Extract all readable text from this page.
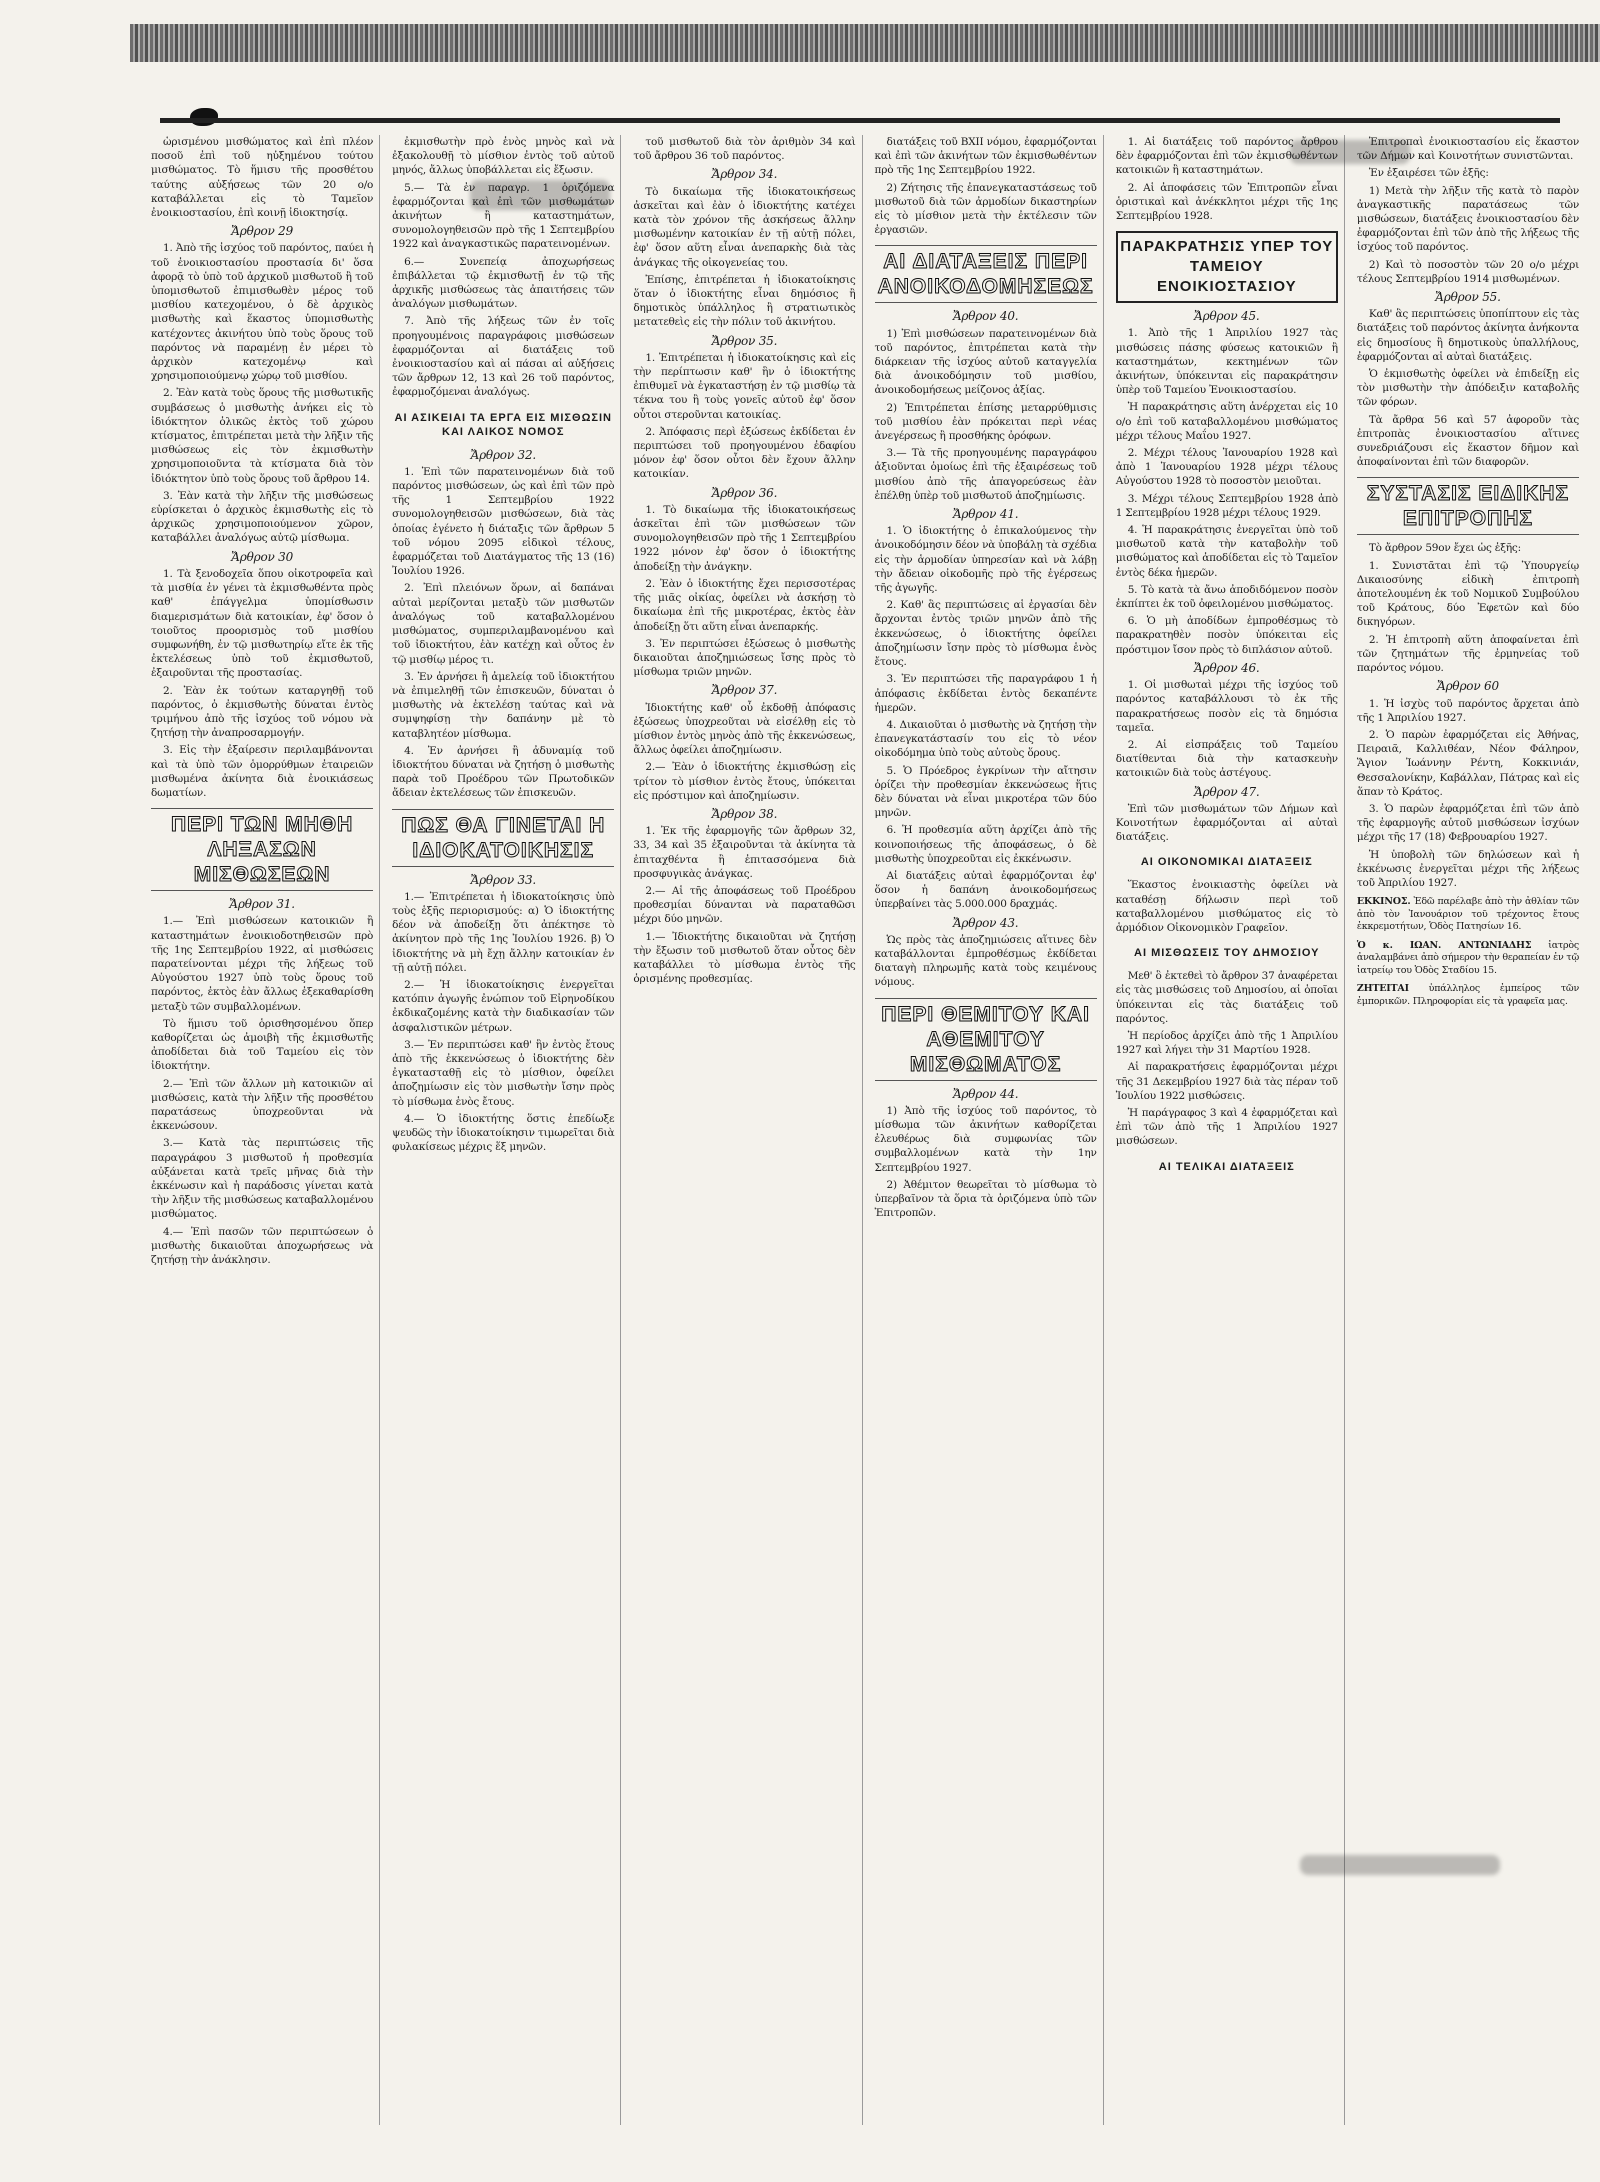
ὡρισμένου μισθώματος καὶ ἐπὶ πλέον ποσοῦ ἐπὶ τοῦ ηὐξημένου τούτου μισθώματος. Τὸ ἥμισυ τῆς προσθέτου ταύτης αὐξήσεως τῶν 20 ο/ο καταβάλλεται εἰς τὸ Ταμεῖον ἐνοικιοστασίου, ἐπὶ κοινῇ ἰδιοκτησίᾳ.

Ἄρθρον 29

1. Ἀπὸ τῆς ἰσχύος τοῦ παρόντος, παύει ἡ τοῦ ἐνοικιοστασίου προστασία δι' ὅσα ἀφορᾷ τὸ ὑπὸ τοῦ ἀρχικοῦ μισθωτοῦ ἢ τοῦ ὑπομισθωτοῦ ἐπιμισθωθὲν μέρος τοῦ μισθίου κατεχομένου, ὁ δὲ ἀρχικὸς μισθωτὴς καὶ ἕκαστος ὑπομισθωτὴς κατέχοντες ἀκινήτου ὑπὸ τοὺς ὅρους τοῦ παρόντος νὰ παραμένῃ ἐν μέρει τὸ ἀρχικὸν κατεχομένῳ καὶ χρησιμοποιούμενῳ χώρῳ τοῦ μισθίου.

2. Ἐὰν κατὰ τοὺς ὅρους τῆς μισθωτικῆς συμβάσεως ὁ μισθωτὴς ἀνήκει εἰς τὸ ἰδιόκτητον ὁλικῶς ἐκτὸς τοῦ χώρου κτίσματος, ἐπιτρέπεται μετὰ τὴν λῆξιν τῆς μισθώσεως εἰς τὸν ἐκμισθωτὴν χρησιμοποιοῦντα τὰ κτίσματα διὰ τὸν ἰδιόκτητον ὑπὸ τοὺς ὅρους τοῦ ἄρθρου 14.

3. Ἐὰν κατὰ τὴν λῆξιν τῆς μισθώσεως εὑρίσκεται ὁ ἀρχικὸς ἐκμισθωτὴς εἰς τὸ ἀρχικῶς χρησιμοποιούμενον χῶρον, καταβάλλει ἀναλόγως αὐτῷ μίσθωμα.

Ἄρθρον 30

1. Τὰ ξενοδοχεῖα ὅπου οἰκοτροφεῖα καὶ τὰ μισθία ἐν γένει τὰ ἐκμισθωθέντα πρὸς καθ' ἐπάγγελμα ὑπομίσθωσιν διαμερισμάτων διὰ κατοικίαν, ἐφ' ὅσον ὁ τοιοῦτος προορισμὸς τοῦ μισθίου συμφωνήθη, ἐν τῷ μισθωτηρίῳ εἴτε ἐκ τῆς ἐκτελέσεως ὑπὸ τοῦ ἐκμισθωτοῦ, ἐξαιροῦνται τῆς προστασίας.

2. Ἐὰν ἐκ τούτων καταργηθῇ τοῦ παρόντος, ὁ ἐκμισθωτὴς δύναται ἐντὸς τριμήνου ἀπὸ τῆς ἰσχύος τοῦ νόμου νὰ ζητήσῃ τὴν ἀναπροσαρμογήν.

3. Εἰς τὴν ἐξαίρεσιν περιλαμβάνονται καὶ τὰ ὑπὸ τῶν ὁμορρύθμων ἐταιρειῶν μισθωμένα ἀκίνητα διὰ ἐνοικιάσεως δωματίων.

ΠΕΡΙ ΤΩΝ ΜΗΘΗ ΛΗΞΑΣΩΝ ΜΙΣΘΩΣΕΩΝ
Ἄρθρον 31.

1.— Ἐπὶ μισθώσεων κατοικιῶν ἢ καταστημάτων ἐνοικιοδοτηθεισῶν πρὸ τῆς 1ης Σεπτεμβρίου 1922, αἱ μισθώσεις παρατείνονται μέχρι τῆς λήξεως τοῦ Αὐγούστου 1927 ὑπὸ τοὺς ὅρους τοῦ παρόντος, ἐκτὸς ἐὰν ἄλλως ἐξεκαθαρίσθη μεταξὺ τῶν συμβαλλομένων.

Τὸ ἥμισυ τοῦ ὁρισθησομένου ὅπερ καθορίζεται ὡς ἀμοιβὴ τῆς ἐκμισθωτῆς ἀποδίδεται διὰ τοῦ Ταμείου εἰς τὸν ἰδιοκτήτην.

2.— Ἐπὶ τῶν ἄλλων μὴ κατοικιῶν αἱ μισθώσεις, κατὰ τὴν λῆξιν τῆς προσθέτου παρατάσεως ὑποχρεοῦνται νὰ ἐκκενώσουν.

3.— Κατὰ τὰς περιπτώσεις τῆς παραγράφου 3 μισθωτοῦ ἡ προθεσμία αὐξάνεται κατὰ τρεῖς μῆνας διὰ τὴν ἐκκένωσιν καὶ ἡ παράδοσις γίνεται κατὰ τὴν λῆξιν τῆς μισθώσεως καταβαλλομένου μισθώματος.

4.— Ἐπὶ πασῶν τῶν περιπτώσεων ὁ μισθωτὴς δικαιοῦται ἀποχωρήσεως νὰ ζητήσῃ τὴν ἀνάκλησιν.

ἐκμισθωτὴν πρὸ ἑνὸς μηνὸς καὶ νὰ ἐξακολουθῇ τὸ μίσθιον ἐντὸς τοῦ αὐτοῦ μηνός, ἄλλως ὑποβάλλεται εἰς ἔξωσιν.

5.— Τὰ ἐν παραγρ. 1 ὁριζόμενα ἐφαρμόζονται καὶ ἐπὶ τῶν μισθωμάτων ἀκινήτων ἢ καταστημάτων, συνομολογηθεισῶν πρὸ τῆς 1 Σεπτεμβρίου 1922 καὶ ἀναγκαστικῶς παρατεινομένων.

6.— Συνεπείᾳ ἀποχωρήσεως ἐπιβάλλεται τῷ ἐκμισθωτῇ ἐν τῷ τῆς ἀρχικῆς μισθώσεως τὰς ἀπαιτήσεις τῶν ἀναλόγων μισθωμάτων.

7. Ἀπὸ τῆς λήξεως τῶν ἐν τοῖς προηγουμένοις παραγράφοις μισθώσεων ἐφαρμόζονται αἱ διατάξεις τοῦ ἐνοικιοστασίου καὶ αἱ πάσαι αἱ αὐξήσεις τῶν ἄρθρων 12, 13 καὶ 26 τοῦ παρόντος, ἐφαρμοζόμεναι ἀναλόγως.

ΑΙ ΑΣΙΚΕΙΑΙ ΤΑ ΕΡΓΑ ΕΙΣ ΜΙΣΘΩΣΙΝ ΚΑΙ ΛΑΙΚΟΣ ΝΟΜΟΣ
Ἄρθρον 32.

1. Ἐπὶ τῶν παρατεινομένων διὰ τοῦ παρόντος μισθώσεων, ὡς καὶ ἐπὶ τῶν πρὸ τῆς 1 Σεπτεμβρίου 1922 συνομολογηθεισῶν μισθώσεων, διὰ τὰς ὁποίας ἐγένετο ἡ διάταξις τῶν ἄρθρων 5 τοῦ νόμου 2095 εἰδικοὶ τέλους, ἐφαρμόζεται τοῦ Διατάγματος τῆς 13 (16) Ἰουλίου 1926.

2. Ἐπὶ πλειόνων ὅρων, αἱ δαπάναι αὐταὶ μερίζονται μεταξὺ τῶν μισθωτῶν ἀναλόγως τοῦ καταβαλλομένου μισθώματος, συμπεριλαμβανομένου καὶ τοῦ ἰδιοκτήτου, ἐὰν κατέχῃ καὶ οὗτος ἐν τῷ μισθίῳ μέρος τι.

3. Ἐν ἀρνήσει ἢ ἀμελείᾳ τοῦ ἰδιοκτήτου νὰ ἐπιμεληθῇ τῶν ἐπισκευῶν, δύναται ὁ μισθωτὴς νὰ ἐκτελέσῃ ταύτας καὶ νὰ συμψηφίσῃ τὴν δαπάνην μὲ τὸ καταβλητέον μίσθωμα.

4. Ἐν ἀρνήσει ἢ ἀδυναμίᾳ τοῦ ἰδιοκτήτου δύναται νὰ ζητήσῃ ὁ μισθωτὴς παρὰ τοῦ Προέδρου τῶν Πρωτοδικῶν ἄδειαν ἐκτελέσεως τῶν ἐπισκευῶν.

ΠΩΣ ΘΑ ΓΙΝΕΤΑΙ Η ΙΔΙΟΚΑΤΟΙΚΗΣΙΣ
Ἄρθρον 33.

1.— Ἐπιτρέπεται ἡ ἰδιοκατοίκησις ὑπὸ τοὺς ἑξῆς περιορισμούς: α) Ὁ ἰδιοκτήτης δέον νὰ ἀποδείξῃ ὅτι ἀπέκτησε τὸ ἀκίνητον πρὸ τῆς 1ης Ἰουλίου 1926. β) Ὁ ἰδιοκτήτης νὰ μὴ ἔχῃ ἄλλην κατοικίαν ἐν τῇ αὐτῇ πόλει.

2.— Ἡ ἰδιοκατοίκησις ἐνεργεῖται κατόπιν ἀγωγῆς ἐνώπιον τοῦ Εἰρηνοδίκου ἐκδικαζομένης κατὰ τὴν διαδικασίαν τῶν ἀσφαλιστικῶν μέτρων.

3.— Ἐν περιπτώσει καθ' ἣν ἐντὸς ἔτους ἀπὸ τῆς ἐκκενώσεως ὁ ἰδιοκτήτης δὲν ἐγκατασταθῇ εἰς τὸ μίσθιον, ὀφείλει ἀποζημίωσιν εἰς τὸν μισθωτὴν ἴσην πρὸς τὸ μίσθωμα ἑνὸς ἔτους.

4.— Ὁ ἰδιοκτήτης ὅστις ἐπεδίωξε ψευδῶς τὴν ἰδιοκατοίκησιν τιμωρεῖται διὰ φυλακίσεως μέχρις ἕξ μηνῶν.

τοῦ μισθωτοῦ διὰ τὸν ἀριθμὸν 34 καὶ τοῦ ἄρθρου 36 τοῦ παρόντος.

Ἄρθρον 34.

Τὸ δικαίωμα τῆς ἰδιοκατοικήσεως ἀσκεῖται καὶ ἐὰν ὁ ἰδιοκτήτης κατέχει κατὰ τὸν χρόνον τῆς ἀσκήσεως ἄλλην μισθωμένην κατοικίαν ἐν τῇ αὐτῇ πόλει, ἐφ' ὅσον αὕτη εἶναι ἀνεπαρκὴς διὰ τὰς ἀνάγκας τῆς οἰκογενείας του.

Ἐπίσης, ἐπιτρέπεται ἡ ἰδιοκατοίκησις ὅταν ὁ ἰδιοκτήτης εἶναι δημόσιος ἢ δημοτικὸς ὑπάλληλος ἢ στρατιωτικὸς μετατεθεὶς εἰς τὴν πόλιν τοῦ ἀκινήτου.

Ἄρθρον 35.

1. Ἐπιτρέπεται ἡ ἰδιοκατοίκησις καὶ εἰς τὴν περίπτωσιν καθ' ἣν ὁ ἰδιοκτήτης ἐπιθυμεῖ νὰ ἐγκαταστήσῃ ἐν τῷ μισθίῳ τὰ τέκνα του ἢ τοὺς γονεῖς αὐτοῦ ἐφ' ὅσον οὗτοι στεροῦνται κατοικίας.

2. Ἀπόφασις περὶ ἐξώσεως ἐκδίδεται ἐν περιπτώσει τοῦ προηγουμένου ἐδαφίου μόνον ἐφ' ὅσον οὗτοι δὲν ἔχουν ἄλλην κατοικίαν.

Ἄρθρον 36.

1. Τὸ δικαίωμα τῆς ἰδιοκατοικήσεως ἀσκεῖται ἐπὶ τῶν μισθώσεων τῶν συνομολογηθεισῶν πρὸ τῆς 1 Σεπτεμβρίου 1922 μόνον ἐφ' ὅσον ὁ ἰδιοκτήτης ἀποδείξῃ τὴν ἀνάγκην.

2. Ἐὰν ὁ ἰδιοκτήτης ἔχει περισσοτέρας τῆς μιᾶς οἰκίας, ὀφείλει νὰ ἀσκήσῃ τὸ δικαίωμα ἐπὶ τῆς μικροτέρας, ἐκτὸς ἐὰν ἀποδείξῃ ὅτι αὕτη εἶναι ἀνεπαρκής.

3. Ἐν περιπτώσει ἐξώσεως ὁ μισθωτὴς δικαιοῦται ἀποζημιώσεως ἴσης πρὸς τὸ μίσθωμα τριῶν μηνῶν.

Ἄρθρον 37.

Ἰδιοκτήτης καθ' οὗ ἐκδοθῇ ἀπόφασις ἐξώσεως ὑποχρεοῦται νὰ εἰσέλθῃ εἰς τὸ μίσθιον ἐντὸς μηνὸς ἀπὸ τῆς ἐκκενώσεως, ἄλλως ὀφείλει ἀποζημίωσιν.

2.— Ἐὰν ὁ ἰδιοκτήτης ἐκμισθώσῃ εἰς τρίτον τὸ μίσθιον ἐντὸς ἔτους, ὑπόκειται εἰς πρόστιμον καὶ ἀποζημίωσιν.

Ἄρθρον 38.

1. Ἐκ τῆς ἐφαρμογῆς τῶν ἄρθρων 32, 33, 34 καὶ 35 ἐξαιροῦνται τὰ ἀκίνητα τὰ ἐπιταχθέντα ἢ ἐπιτασσόμενα διὰ προσφυγικὰς ἀνάγκας.

2.— Αἱ τῆς ἀποφάσεως τοῦ Προέδρου προθεσμίαι δύνανται νὰ παραταθῶσι μέχρι δύο μηνῶν.

1.— Ἰδιοκτήτης δικαιοῦται νὰ ζητήσῃ τὴν ἔξωσιν τοῦ μισθωτοῦ ὅταν οὗτος δὲν καταβάλλει τὸ μίσθωμα ἐντὸς τῆς ὁρισμένης προθεσμίας.

διατάξεις τοῦ ΒΧΙΙ νόμου, ἐφαρμόζονται καὶ ἐπὶ τῶν ἀκινήτων τῶν ἐκμισθωθέντων πρὸ τῆς 1ης Σεπτεμβρίου 1922.

2) Ζήτησις τῆς ἐπανεγκαταστάσεως τοῦ μισθωτοῦ διὰ τῶν ἀρμοδίων δικαστηρίων εἰς τὸ μίσθιον μετὰ τὴν ἐκτέλεσιν τῶν ἐργασιῶν.

ΑΙ ΔΙΑΤΑΞΕΙΣ ΠΕΡΙ ΑΝΟΙΚΟΔΟΜΗΣΕΩΣ
Ἄρθρον 40.

1) Ἐπὶ μισθώσεων παρατεινομένων διὰ τοῦ παρόντος, ἐπιτρέπεται κατὰ τὴν διάρκειαν τῆς ἰσχύος αὐτοῦ καταγγελία διὰ ἀνοικοδόμησιν τοῦ μισθίου, ἀνοικοδομήσεως μείζονος ἀξίας.

2) Ἐπιτρέπεται ἐπίσης μεταρρύθμισις τοῦ μισθίου ἐὰν πρόκειται περὶ νέας ἀνεγέρσεως ἢ προσθήκης ὀρόφων.

3.— Τὰ τῆς προηγουμένης παραγράφου ἀξιοῦνται ὁμοίως ἐπὶ τῆς ἐξαιρέσεως τοῦ μισθίου ἀπὸ τῆς ἀπαγορεύσεως ἐὰν ἐπέλθῃ ὑπὲρ τοῦ μισθωτοῦ ἀποζημίωσις.

Ἄρθρον 41.

1. Ὁ ἰδιοκτήτης ὁ ἐπικαλούμενος τὴν ἀνοικοδόμησιν δέον νὰ ὑποβάλῃ τὰ σχέδια εἰς τὴν ἁρμοδίαν ὑπηρεσίαν καὶ νὰ λάβῃ τὴν ἄδειαν οἰκοδομῆς πρὸ τῆς ἐγέρσεως τῆς ἀγωγῆς.

2. Καθ' ἃς περιπτώσεις αἱ ἐργασίαι δὲν ἄρχονται ἐντὸς τριῶν μηνῶν ἀπὸ τῆς ἐκκενώσεως, ὁ ἰδιοκτήτης ὀφείλει ἀποζημίωσιν ἴσην πρὸς τὸ μίσθωμα ἑνὸς ἔτους.

3. Ἐν περιπτώσει τῆς παραγράφου 1 ἡ ἀπόφασις ἐκδίδεται ἐντὸς δεκαπέντε ἡμερῶν.

4. Δικαιοῦται ὁ μισθωτὴς νὰ ζητήσῃ τὴν ἐπανεγκατάστασίν του εἰς τὸ νέον οἰκοδόμημα ὑπὸ τοὺς αὐτοὺς ὅρους.

5. Ὁ Πρόεδρος ἐγκρίνων τὴν αἴτησιν ὁρίζει τὴν προθεσμίαν ἐκκενώσεως ἥτις δὲν δύναται νὰ εἶναι μικροτέρα τῶν δύο μηνῶν.

6. Ἡ προθεσμία αὕτη ἀρχίζει ἀπὸ τῆς κοινοποιήσεως τῆς ἀποφάσεως, ὁ δὲ μισθωτὴς ὑποχρεοῦται εἰς ἐκκένωσιν.

Αἱ διατάξεις αὐταὶ ἐφαρμόζονται ἐφ' ὅσον ἡ δαπάνη ἀνοικοδομήσεως ὑπερβαίνει τὰς 5.000.000 δραχμάς.

Ἄρθρον 43.

Ὡς πρὸς τὰς ἀποζημιώσεις αἵτινες δὲν καταβάλλονται ἐμπροθέσμως ἐκδίδεται διαταγὴ πληρωμῆς κατὰ τοὺς κειμένους νόμους.

ΠΕΡΙ ΘΕΜΙΤΟΥ ΚΑΙ ΑΘΕΜΙΤΟΥ ΜΙΣΘΩΜΑΤΟΣ
Ἄρθρον 44.

1) Ἀπὸ τῆς ἰσχύος τοῦ παρόντος, τὸ μίσθωμα τῶν ἀκινήτων καθορίζεται ἐλευθέρως διὰ συμφωνίας τῶν συμβαλλομένων κατὰ τὴν 1ην Σεπτεμβρίου 1927.

2) Ἀθέμιτον θεωρεῖται τὸ μίσθωμα τὸ ὑπερβαῖνον τὰ ὅρια τὰ ὁριζόμενα ὑπὸ τῶν Ἐπιτροπῶν.

1. Αἱ διατάξεις τοῦ παρόντος ἄρθρου δὲν ἐφαρμόζονται ἐπὶ τῶν ἐκμισθωθέντων κατοικιῶν ἢ καταστημάτων.

2. Αἱ ἀποφάσεις τῶν Ἐπιτροπῶν εἶναι ὁριστικαὶ καὶ ἀνέκκλητοι μέχρι τῆς 1ης Σεπτεμβρίου 1928.

ΠΑΡΑΚΡΑΤΗΣΙΣ ΥΠΕΡ ΤΟΥ ΤΑΜΕΙΟΥ ΕΝΟΙΚΙΟΣΤΑΣΙΟΥ
Ἄρθρον 45.

1. Ἀπὸ τῆς 1 Ἀπριλίου 1927 τὰς μισθώσεις πάσης φύσεως κατοικιῶν ἢ καταστημάτων, κεκτημένων τῶν ἀκινήτων, ὑπόκεινται εἰς παρακράτησιν ὑπὲρ τοῦ Ταμείου Ἐνοικιοστασίου.

Ἡ παρακράτησις αὕτη ἀνέρχεται εἰς 10 ο/ο ἐπὶ τοῦ καταβαλλομένου μισθώματος μέχρι τέλους Μαΐου 1927.

2. Μέχρι τέλους Ἰανουαρίου 1928 καὶ ἀπὸ 1 Ἰανουαρίου 1928 μέχρι τέλους Αὐγούστου 1928 τὸ ποσοστὸν μειοῦται.

3. Μέχρι τέλους Σεπτεμβρίου 1928 ἀπὸ 1 Σεπτεμβρίου 1928 μέχρι τέλους 1929.

4. Ἡ παρακράτησις ἐνεργεῖται ὑπὸ τοῦ μισθωτοῦ κατὰ τὴν καταβολὴν τοῦ μισθώματος καὶ ἀποδίδεται εἰς τὸ Ταμεῖον ἐντὸς δέκα ἡμερῶν.

5. Τὸ κατὰ τὰ ἄνω ἀποδιδόμενον ποσὸν ἐκπίπτει ἐκ τοῦ ὀφειλομένου μισθώματος.

6. Ὁ μὴ ἀποδίδων ἐμπροθέσμως τὸ παρακρατηθὲν ποσὸν ὑπόκειται εἰς πρόστιμον ἴσον πρὸς τὸ διπλάσιον αὐτοῦ.

Ἄρθρον 46.

1. Οἱ μισθωταὶ μέχρι τῆς ἰσχύος τοῦ παρόντος καταβάλλουσι τὸ ἐκ τῆς παρακρατήσεως ποσὸν εἰς τὰ δημόσια ταμεῖα.

2. Αἱ εἰσπράξεις τοῦ Ταμείου διατίθενται διὰ τὴν κατασκευὴν κατοικιῶν διὰ τοὺς ἀστέγους.

Ἄρθρον 47.

Ἐπὶ τῶν μισθωμάτων τῶν Δήμων καὶ Κοινοτήτων ἐφαρμόζονται αἱ αὐταὶ διατάξεις.

ΑΙ ΟΙΚΟΝΟΜΙΚΑΙ ΔΙΑΤΑΞΕΙΣ

Ἕκαστος ἐνοικιαστὴς ὀφείλει νὰ καταθέσῃ δήλωσιν περὶ τοῦ καταβαλλομένου μισθώματος εἰς τὸ ἁρμόδιον Οἰκονομικὸν Γραφεῖον.

ΑΙ ΜΙΣΘΩΣΕΙΣ ΤΟΥ ΔΗΜΟΣΙΟΥ

Μεθ' ὃ ἐκτεθεὶ τὸ ἄρθρον 37 ἀναφέρεται εἰς τὰς μισθώσεις τοῦ Δημοσίου, αἱ ὁποῖαι ὑπόκεινται εἰς τὰς διατάξεις τοῦ παρόντος.

Ἡ περίοδος ἀρχίζει ἀπὸ τῆς 1 Ἀπριλίου 1927 καὶ λήγει τὴν 31 Μαρτίου 1928.

Αἱ παρακρατήσεις ἐφαρμόζονται μέχρι τῆς 31 Δεκεμβρίου 1927 διὰ τὰς πέραν τοῦ Ἰουλίου 1922 μισθώσεις.

Ἡ παράγραφος 3 καὶ 4 ἐφαρμόζεται καὶ ἐπὶ τῶν ἀπὸ τῆς 1 Ἀπριλίου 1927 μισθώσεων.

ΑΙ ΤΕΛΙΚΑΙ ΔΙΑΤΑΞΕΙΣ

Ἐπιτροπαὶ ἐνοικιοστασίου εἰς ἕκαστον τῶν Δήμων καὶ Κοινοτήτων συνιστῶνται.

Ἐν ἐξαιρέσει τῶν ἑξῆς:

1) Μετὰ τὴν λῆξιν τῆς κατὰ τὸ παρὸν ἀναγκαστικῆς παρατάσεως τῶν μισθώσεων, διατάξεις ἐνοικιοστασίου δὲν ἐφαρμόζονται ἐπὶ τῶν ἀπὸ τῆς λήξεως τῆς ἰσχύος τοῦ παρόντος.

2) Καὶ τὸ ποσοστὸν τῶν 20 ο/ο μέχρι τέλους Σεπτεμβρίου 1914 μισθωμένων.

Ἄρθρον 55.

Καθ' ἃς περιπτώσεις ὑποπίπτουν εἰς τὰς διατάξεις τοῦ παρόντος ἀκίνητα ἀνήκοντα εἰς δημοσίους ἢ δημοτικοὺς ὑπαλλήλους, ἐφαρμόζονται αἱ αὐταὶ διατάξεις.

Ὁ ἐκμισθωτὴς ὀφείλει νὰ ἐπιδείξῃ εἰς τὸν μισθωτὴν τὴν ἀπόδειξιν καταβολῆς τῶν φόρων.

Τὰ ἄρθρα 56 καὶ 57 ἀφοροῦν τὰς ἐπιτροπὰς ἐνοικιοστασίου αἵτινες συνεδριάζουσι εἰς ἕκαστον δῆμον καὶ ἀποφαίνονται ἐπὶ τῶν διαφορῶν.

ΣΥΣΤΑΣΙΣ ΕΙΔΙΚΗΣ ΕΠΙΤΡΟΠΗΣ

Τὸ ἄρθρον 59ον ἔχει ὡς ἑξῆς:

1. Συνιστᾶται ἐπὶ τῷ Ὑπουργείῳ Δικαιοσύνης εἰδικὴ ἐπιτροπὴ ἀποτελουμένη ἐκ τοῦ Νομικοῦ Συμβούλου τοῦ Κράτους, δύο Ἐφετῶν καὶ δύο δικηγόρων.

2. Ἡ ἐπιτροπὴ αὕτη ἀποφαίνεται ἐπὶ τῶν ζητημάτων τῆς ἐρμηνείας τοῦ παρόντος νόμου.

Ἄρθρον 60

1. Ἡ ἰσχὺς τοῦ παρόντος ἄρχεται ἀπὸ τῆς 1 Ἀπριλίου 1927.

2. Ὁ παρὼν ἐφαρμόζεται εἰς Ἀθήνας, Πειραιᾶ, Καλλιθέαν, Νέον Φάληρον, Ἅγιον Ἰωάννην Ρέντη, Κοκκινιάν, Θεσσαλονίκην, Καβάλλαν, Πάτρας καὶ εἰς ἅπαν τὸ Κράτος.

3. Ὁ παρὼν ἐφαρμόζεται ἐπὶ τῶν ἀπὸ τῆς ἐφαρμογῆς αὐτοῦ μισθώσεων ἰσχύων μέχρι τῆς 17 (18) Φεβρουαρίου 1927.

Ἡ ὑποβολὴ τῶν δηλώσεων καὶ ἡ ἐκκένωσις ἐνεργεῖται μέχρι τῆς λήξεως τοῦ Ἀπριλίου 1927.

ΕΚΚΙΝΟΣ. Ἐδῶ παρέλαβε ἀπὸ τὴν ἀθλίαν τῶν ἀπὸ τὸν Ἰανουάριον τοῦ τρέχοντος ἔτους ἐκκρεμοτήτων, Ὁδὸς Πατησίων 16.
Ὁ κ. ΙΩΑΝ. ΑΝΤΩΝΙΑΔΗΣ ἰατρὸς ἀναλαμβάνει ἀπὸ σήμερον τὴν θεραπείαν ἐν τῷ ἰατρείῳ του Ὁδὸς Σταδίου 15.
ΖΗΤΕΙΤΑΙ ὑπάλληλος ἐμπείρος τῶν ἐμπορικῶν. Πληροφορίαι εἰς τὰ γραφεῖα μας.
